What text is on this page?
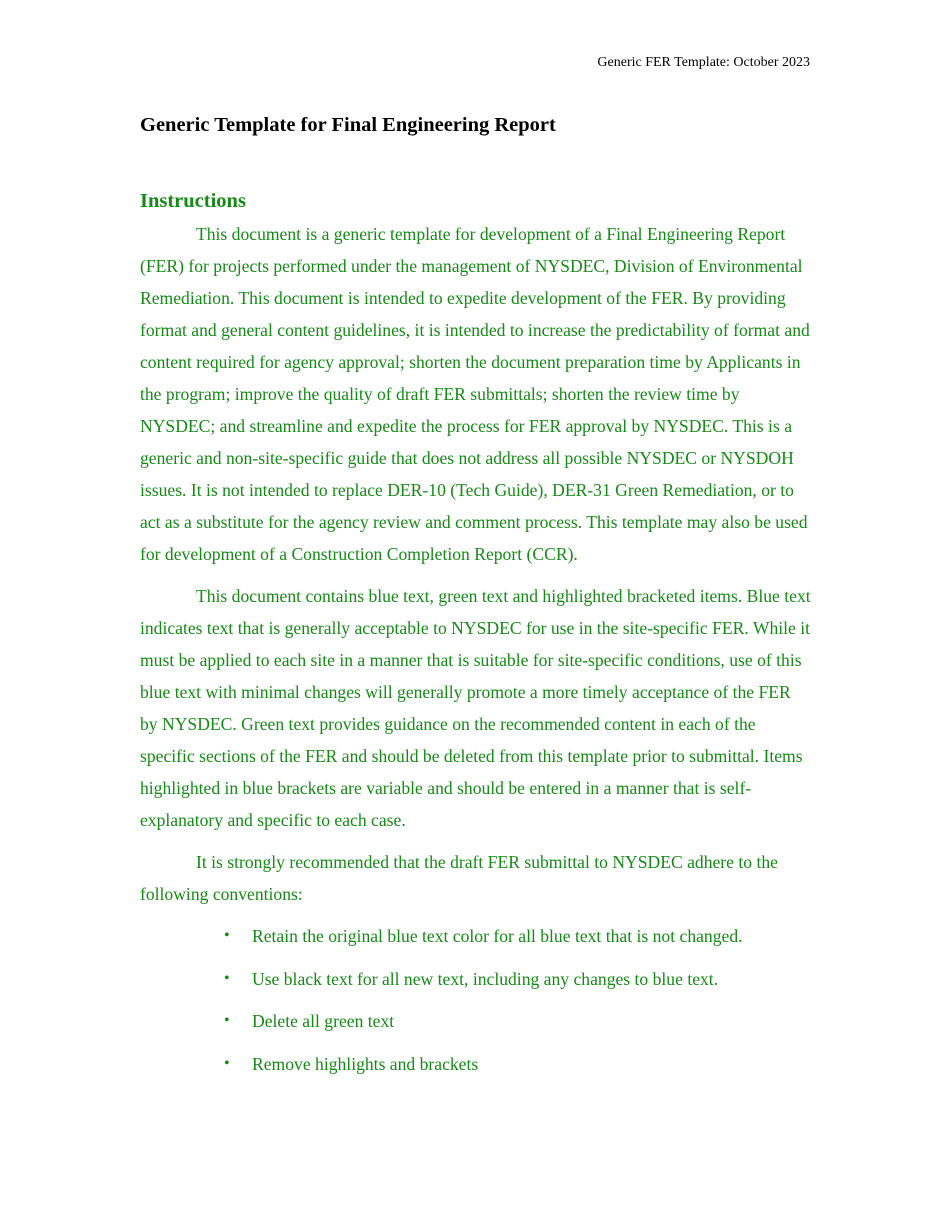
Generic FER Template: October 2023

Generic Template for Final Engineering Report
Instructions

This document is a generic template for development of a Final Engineering Report (FER) for projects performed under the management of NYSDEC, Division of Environmental Remediation. This document is intended to expedite development of the FER. By providing format and general content guidelines, it is intended to increase the predictability of format and content required for agency approval; shorten the document preparation time by Applicants in the program; improve the quality of draft FER submittals; shorten the review time by NYSDEC; and streamline and expedite the process for FER approval by NYSDEC. This is a generic and non-site-specific guide that does not address all possible NYSDEC or NYSDOH issues. It is not intended to replace DER-10 (Tech Guide), DER-31 Green Remediation, or to act as a substitute for the agency review and comment process. This template may also be used for development of a Construction Completion Report (CCR).

This document contains blue text, green text and highlighted bracketed items. Blue text indicates text that is generally acceptable to NYSDEC for use in the site-specific FER. While it must be applied to each site in a manner that is suitable for site-specific conditions, use of this blue text with minimal changes will generally promote a more timely acceptance of the FER by NYSDEC. Green text provides guidance on the recommended content in each of the specific sections of the FER and should be deleted from this template prior to submittal. Items highlighted in blue brackets are variable and should be entered in a manner that is self-explanatory and specific to each case.

It is strongly recommended that the draft FER submittal to NYSDEC adhere to the following conventions:

• Retain the original blue text color for all blue text that is not changed.
• Use black text for all new text, including any changes to blue text.
• Delete all green text
• Remove highlights and brackets
